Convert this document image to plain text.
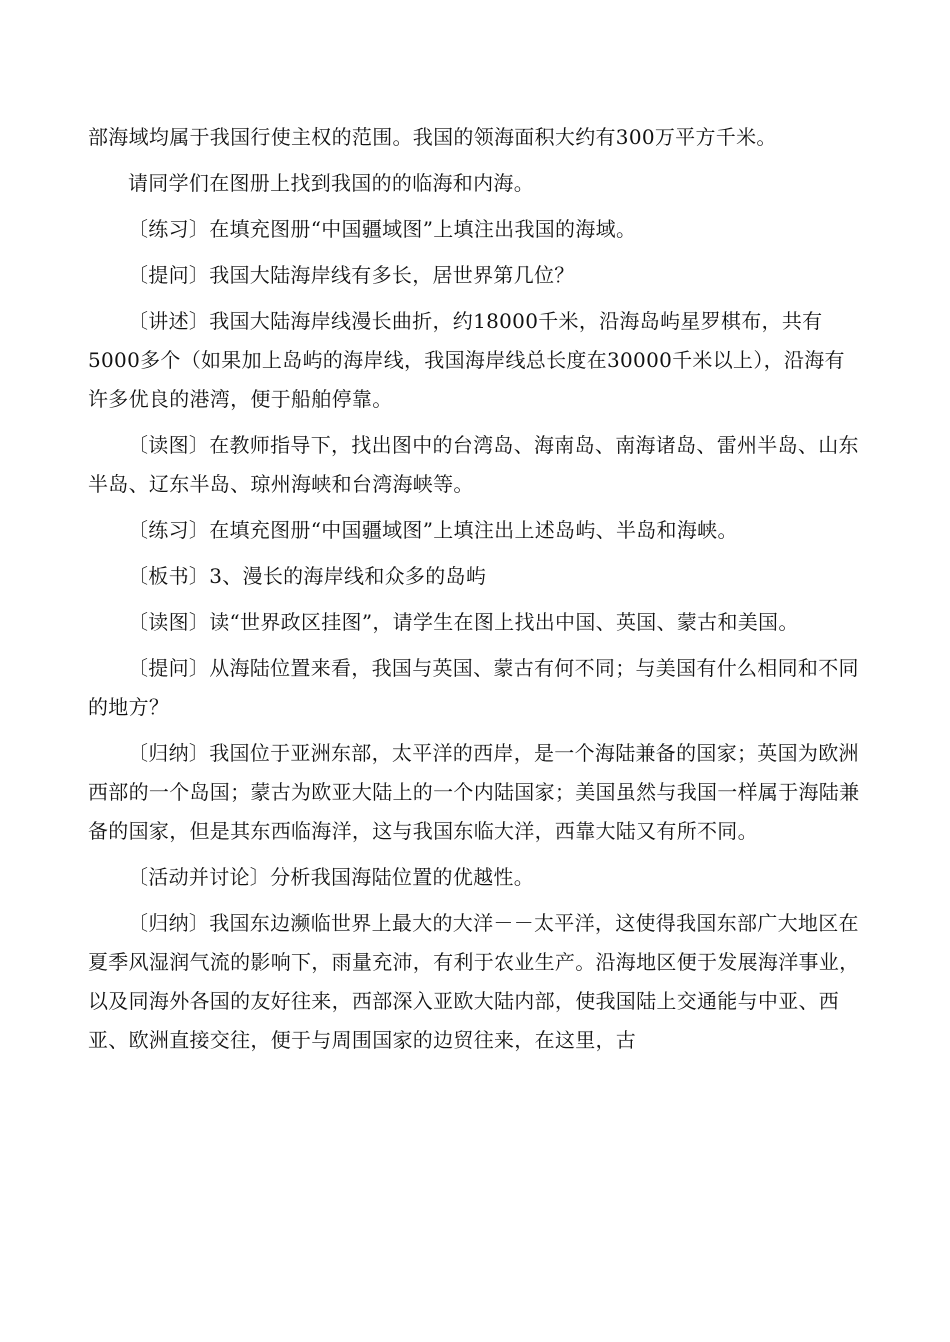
部海域均属于我国行使主权的范围。我国的领海面积大约有300万平方千米。

请同学们在图册上找到我国的的临海和内海。

〔练习〕在填充图册“中国疆域图”上填注出我国的海域。

〔提问〕我国大陆海岸线有多长，居世界第几位？

〔讲述〕我国大陆海岸线漫长曲折，约18000千米，沿海岛屿星罗棋布，共有5000多个（如果加上岛屿的海岸线，我国海岸线总长度在30000千米以上），沿海有许多优良的港湾，便于船舶停靠。

〔读图〕在教师指导下，找出图中的台湾岛、海南岛、南海诸岛、雷州半岛、山东半岛、辽东半岛、琼州海峡和台湾海峡等。

〔练习〕在填充图册“中国疆域图”上填注出上述岛屿、半岛和海峡。

〔板书〕3、漫长的海岸线和众多的岛屿

〔读图〕读“世界政区挂图”，请学生在图上找出中国、英国、蒙古和美国。

〔提问〕从海陆位置来看，我国与英国、蒙古有何不同；与美国有什么相同和不同的地方？

〔归纳〕我国位于亚洲东部，太平洋的西岸，是一个海陆兼备的国家；英国为欧洲西部的一个岛国；蒙古为欧亚大陆上的一个内陆国家；美国虽然与我国一样属于海陆兼备的国家，但是其东西临海洋，这与我国东临大洋，西靠大陆又有所不同。

〔活动并讨论〕分析我国海陆位置的优越性。

〔归纳〕我国东边濒临世界上最大的大洋－－太平洋，这使得我国东部广大地区在夏季风湿润气流的影响下，雨量充沛，有利于农业生产。沿海地区便于发展海洋事业，以及同海外各国的友好往来，西部深入亚欧大陆内部，使我国陆上交通能与中亚、西亚、欧洲直接交往，便于与周围国家的边贸往来，在这里，古
